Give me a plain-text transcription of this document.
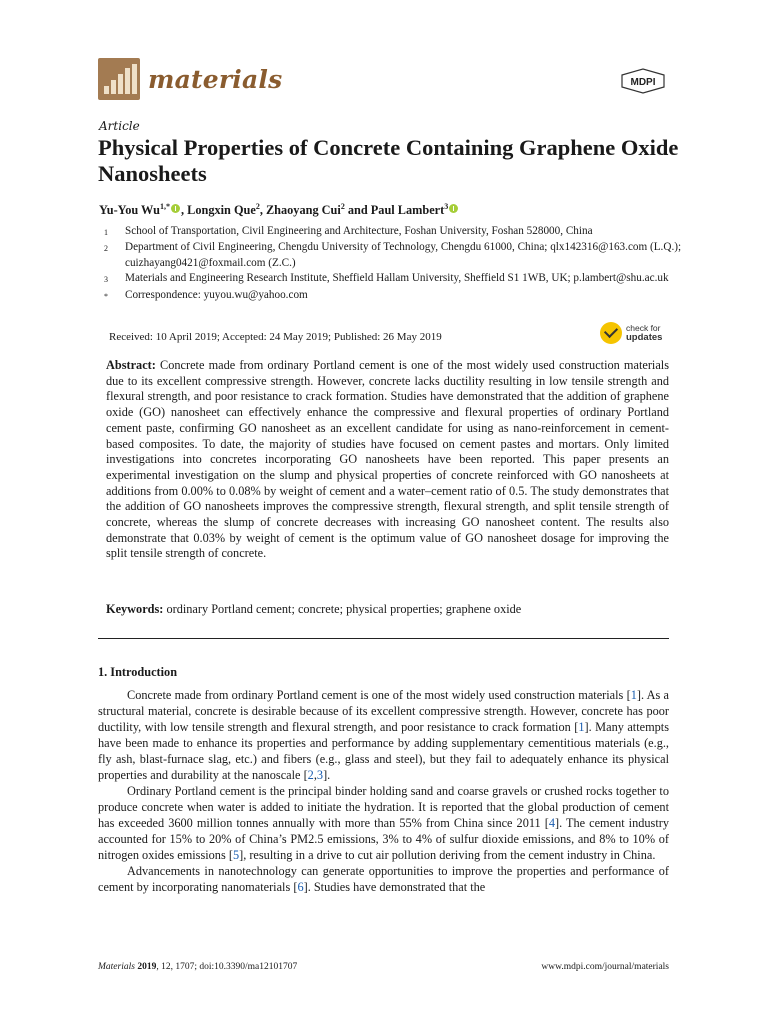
materials	MDPI
Article
Physical Properties of Concrete Containing Graphene Oxide Nanosheets
Yu-You $Wu^{1,*}$ , Longxin Que$^2$, Zhaoyang Cui$^2$ and Paul Lambert$^3$
1	School of Transportation, Civil Engineering and Architecture, Foshan University, Foshan 528000, China
2	Department of Civil Engineering, Chengdu University of Technology, Chengdu 61000, China; qlx142316@163.com (L.Q.); cuizhayang0421@foxmail.com (Z.C.)
3	Materials and Engineering Research Institute, Sheffield Hallam University, Sheffield S1 1WB, UK; p.lambert@shu.ac.uk
*	Correspondence: yuyou.wu@yahoo.com
Received: 10 April 2019; Accepted: 24 May 2019; Published: 26 May 2019
check for
updates

Abstract: Concrete made from ordinary Portland cement is one of the most widely used construction materials due to its excellent compressive strength. However, concrete lacks ductility resulting in low tensile strength and flexural strength, and poor resistance to crack formation. Studies have demonstrated that the addition of graphene oxide (GO) nanosheet can effectively enhance the compressive and flexural properties of ordinary Portland cement paste, confirming GO nanosheet as an excellent candidate for using as nano-reinforcement in cement-based composites. To date, the majority of studies have focused on cement pastes and mortars. Only limited investigations into concretes incorporating GO nanosheets have been reported. This paper presents an experimental investigation on the slump and physical properties of concrete reinforced with GO nanosheets at additions from 0.00% to 0.08% by weight of cement and a water–cement ratio of 0.5. The study demonstrates that the addition of GO nanosheets improves the compressive strength, flexural strength, and split tensile strength of concrete, whereas the slump of concrete decreases with increasing GO nanosheet content. The results also demonstrate that 0.03% by weight of cement is the optimum value of GO nanosheet dosage for improving the split tensile strength of concrete.

Keywords: ordinary Portland cement; concrete; physical properties; graphene oxide

1. Introduction

Concrete made from ordinary Portland cement is one of the most widely used construction materials [1]. As a structural material, concrete is desirable because of its excellent compressive strength. However, concrete has poor ductility, with low tensile strength and flexural strength, and poor resistance to crack formation [1]. Many attempts have been made to enhance its properties and performance by adding supplementary cementitious materials (e.g., fly ash, blast-furnace slag, etc.) and fibers (e.g., glass and steel), but they fail to adequately enhance its physical properties and durability at the nanoscale [2,3].

Ordinary Portland cement is the principal binder holding sand and coarse gravels or crushed rocks together to produce concrete when water is added to initiate the hydration. It is reported that the global production of cement has exceeded 3600 million tonnes annually with more than 55% from China since 2011 [4]. The cement industry accounted for 15% to 20% of China’s PM2.5 emissions, 3% to 4% of sulfur dioxide emissions, and 8% to 10% of nitrogen oxides emissions [5], resulting in a drive to cut air pollution deriving from the cement industry in China.

Advancements in nanotechnology can generate opportunities to improve the properties and performance of cement by incorporating nanomaterials [6]. Studies have demonstrated that the

Materials 2019, 12, 1707; doi:10.3390/ma12101707	www.mdpi.com/journal/materials
